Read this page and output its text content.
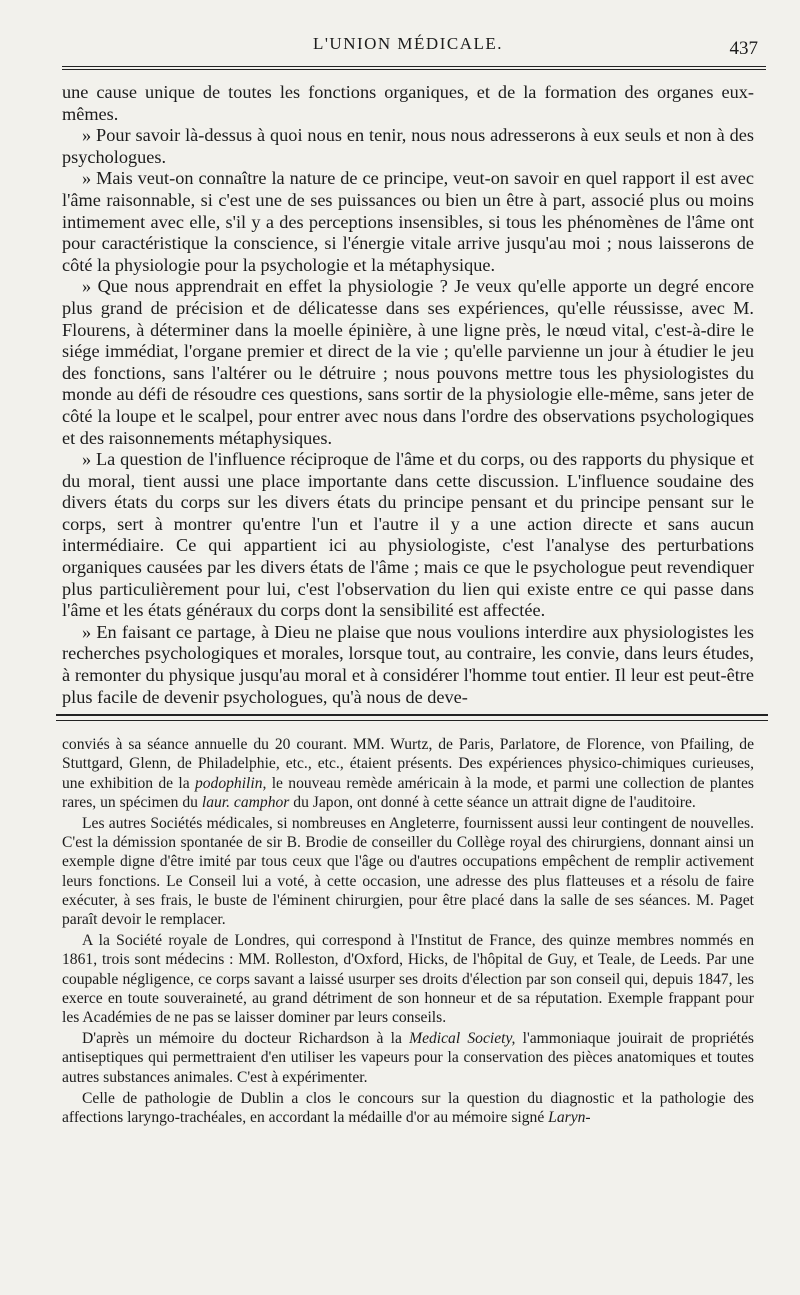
L'UNION MÉDICALE.	437

une cause unique de toutes les fonctions organiques, et de la formation des organes eux-mêmes.

» Pour savoir là-dessus à quoi nous en tenir, nous nous adresserons à eux seuls et non à des psychologues.

» Mais veut-on connaître la nature de ce principe, veut-on savoir en quel rapport il est avec l'âme raisonnable, si c'est une de ses puissances ou bien un être à part, associé plus ou moins intimement avec elle, s'il y a des perceptions insensibles, si tous les phénomènes de l'âme ont pour caractéristique la conscience, si l'énergie vitale arrive jusqu'au moi ; nous laisserons de côté la physiologie pour la psychologie et la métaphysique.

» Que nous apprendrait en effet la physiologie ? Je veux qu'elle apporte un degré encore plus grand de précision et de délicatesse dans ses expériences, qu'elle réussisse, avec M. Flourens, à déterminer dans la moelle épinière, à une ligne près, le nœud vital, c'est-à-dire le siége immédiat, l'organe premier et direct de la vie ; qu'elle parvienne un jour à étudier le jeu des fonctions, sans l'altérer ou le détruire ; nous pouvons mettre tous les physiologistes du monde au défi de résoudre ces questions, sans sortir de la physiologie elle-même, sans jeter de côté la loupe et le scalpel, pour entrer avec nous dans l'ordre des observations psychologiques et des raisonnements métaphysiques.

» La question de l'influence réciproque de l'âme et du corps, ou des rapports du physique et du moral, tient aussi une place importante dans cette discussion. L'influence soudaine des divers états du corps sur les divers états du principe pensant et du principe pensant sur le corps, sert à montrer qu'entre l'un et l'autre il y a une action directe et sans aucun intermédiaire. Ce qui appartient ici au physiologiste, c'est l'analyse des perturbations organiques causées par les divers états de l'âme ; mais ce que le psychologue peut revendiquer plus particulièrement pour lui, c'est l'observation du lien qui existe entre ce qui passe dans l'âme et les états généraux du corps dont la sensibilité est affectée.

» En faisant ce partage, à Dieu ne plaise que nous voulions interdire aux physiologistes les recherches psychologiques et morales, lorsque tout, au contraire, les convie, dans leurs études, à remonter du physique jusqu'au moral et à considérer l'homme tout entier. Il leur est peut-être plus facile de devenir psychologues, qu'à nous de deve-

conviés à sa séance annuelle du 20 courant. MM. Wurtz, de Paris, Parlatore, de Florence, von Pfailing, de Stuttgard, Glenn, de Philadelphie, etc., etc., étaient présents. Des expériences physico-chimiques curieuses, une exhibition de la podophilin, le nouveau remède américain à la mode, et parmi une collection de plantes rares, un spécimen du laur. camphor du Japon, ont donné à cette séance un attrait digne de l'auditoire.

Les autres Sociétés médicales, si nombreuses en Angleterre, fournissent aussi leur contingent de nouvelles. C'est la démission spontanée de sir B. Brodie de conseiller du Collège royal des chirurgiens, donnant ainsi un exemple digne d'être imité par tous ceux que l'âge ou d'autres occupations empêchent de remplir activement leurs fonctions. Le Conseil lui a voté, à cette occasion, une adresse des plus flatteuses et a résolu de faire exécuter, à ses frais, le buste de l'éminent chirurgien, pour être placé dans la salle de ses séances. M. Paget paraît devoir le remplacer.

A la Société royale de Londres, qui correspond à l'Institut de France, des quinze membres nommés en 1861, trois sont médecins : MM. Rolleston, d'Oxford, Hicks, de l'hôpital de Guy, et Teale, de Leeds. Par une coupable négligence, ce corps savant a laissé usurper ses droits d'élection par son conseil qui, depuis 1847, les exerce en toute souveraineté, au grand détriment de son honneur et de sa réputation. Exemple frappant pour les Académies de ne pas se laisser dominer par leurs conseils.

D'après un mémoire du docteur Richardson à la Medical Society, l'ammoniaque jouirait de propriétés antiseptiques qui permettraient d'en utiliser les vapeurs pour la conservation des pièces anatomiques et toutes autres substances animales. C'est à expérimenter.

Celle de pathologie de Dublin a clos le concours sur la question du diagnostic et la pathologie des affections laryngo-trachéales, en accordant la médaille d'or au mémoire signé Laryn-
